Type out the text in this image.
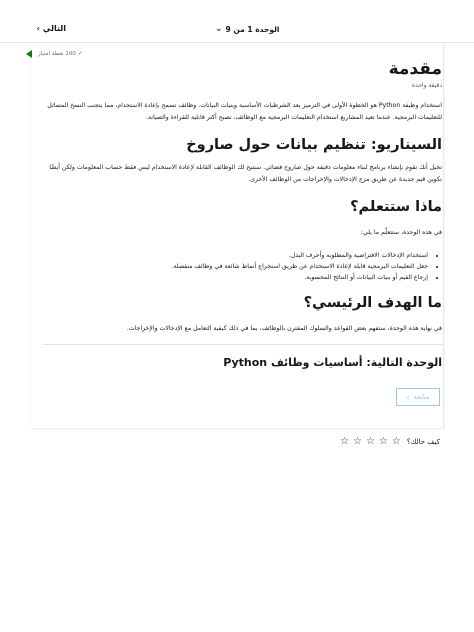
‹ التالي	الوحدة 1 من 9
⌄
✓
100 نقطة امتياز
مقدمة
دقيقة واحدة

استخدام وظيفة Python هو الخطوة الأولى في الترميز بعد الشرطيات الأساسية وبنيات البيانات. وظائف تسمح بإعادة الاستخدام، مما يتجنب النسخ المتماثل للتعليمات البرمجية. عندما تعيد المشاريع استخدام التعليمات البرمجية مع الوظائف، تصبح أكثر قابلية للقراءة والصيانة.

السيناريو: تنظيم بيانات حول صاروخ

تخيل أنك تقوم بإنشاء برنامج لبناء معلومات دقيقة حول صاروخ فضائي. ستتيح لك الوظائف القابلة لإعادة الاستخدام ليس فقط حساب المعلومات ولكن أيضًا تكوين قيم جديدة عن طريق مزج الإدخالات والإخراجات من الوظائف الأخرى.

ماذا ستتعلم؟

في هذه الوحدة، ستتعلّم ما يلي:

• استخدام الإدخالات الافتراضية والمطلوبة وأحرف البدل.
• جعل التعليمات البرمجية قابلة لإعادة الاستخدام عن طريق استخراج أنماط شائعة في وظائف منفصلة.
• إرجاع القيم أو بنيات البيانات أو النتائج المحسوبة.
ما الهدف الرئيسي؟

في نهاية هذه الوحدة، ستفهم بعض القواعد والسلوك المقترن بالوظائف، بما في ذلك كيفية التعامل مع الإدخالات والإخراجات.

الوحدة التالية: أساسيات وظائف Python
‹ متابعة
كيف حالك؟
☆
☆
☆
☆
☆
